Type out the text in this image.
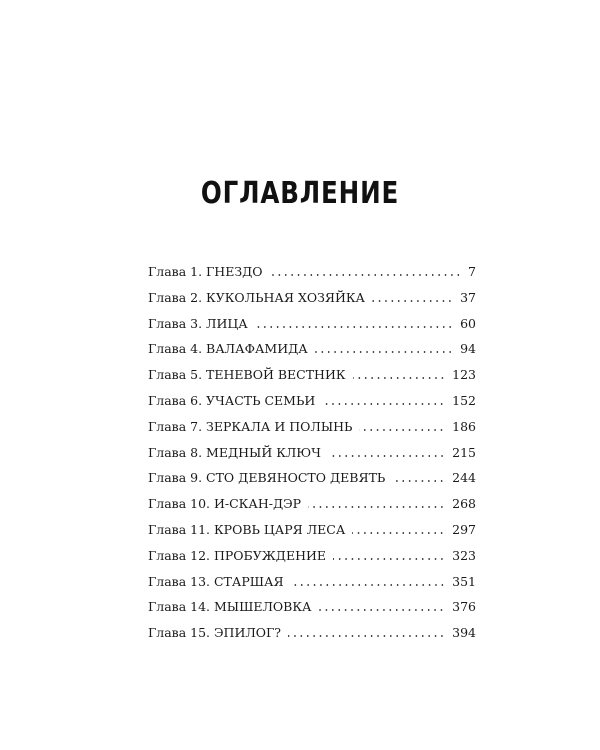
ОГЛАВЛЕНИЕ
Глава 1. ГНЕЗДО	7
Глава 2. КУКОЛЬНАЯ ХОЗЯЙКА	37
Глава 3. ЛИЦА	60
Глава 4. ВАЛАФАМИДА	94
Глава 5. ТЕНЕВОЙ ВЕСТНИК	123
Глава 6. УЧАСТЬ СЕМЬИ	152
Глава 7. ЗЕРКАЛА И ПОЛЫНЬ	186
Глава 8. МЕДНЫЙ КЛЮЧ	215
Глава 9. СТО ДЕВЯНОСТО ДЕВЯТЬ	244
Глава 10. И-СКАН-ДЭР	268
Глава 11. КРОВЬ ЦАРЯ ЛЕСА	297
Глава 12. ПРОБУЖДЕНИЕ	323
Глава 13. СТАРШАЯ	351
Глава 14. МЫШЕЛОВКА	376
Глава 15. ЭПИЛОГ?	394
